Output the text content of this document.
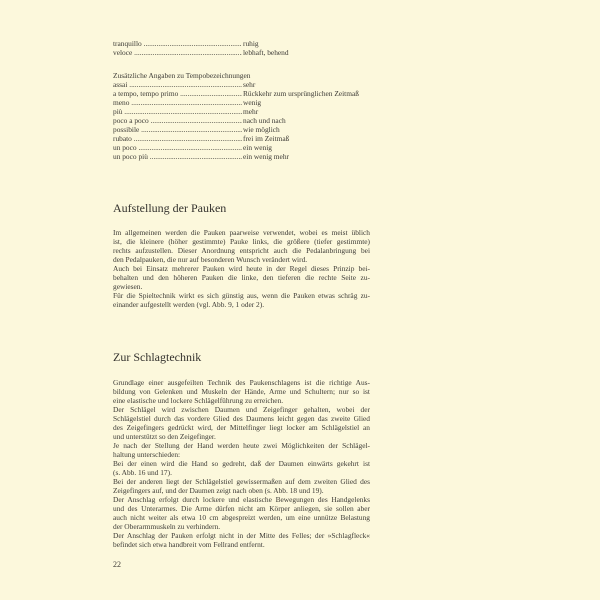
tranquillo .....	ruhig
veloce .....	lebhaft, behend
Zusätzliche Angaben zu Tempobezeichnungen
assai .....	sehr
a tempo, tempo primo .....	Rückkehr zum ursprünglichen Zeitmaß
meno .....	wenig
più .....	mehr
poco a poco .....	nach und nach
possibile .....	wie möglich
rubato .....	frei im Zeitmaß
un poco .....	ein wenig
un poco più .....	ein wenig mehr
Aufstellung der Pauken
Im allgemeinen werden die Pauken paarweise verwendet, wobei es meist üblich
ist, die kleinere (höher gestimmte) Pauke links, die größere (tiefer gestimmte)
rechts aufzustellen. Dieser Anordnung entspricht auch die Pedalanbringung bei
den Pedalpauken, die nur auf besonderen Wunsch verändert wird.
Auch bei Einsatz mehrerer Pauken wird heute in der Regel dieses Prinzip bei-
behalten und den höheren Pauken die linke, den tieferen die rechte Seite zu-
gewiesen.
Für die Spieltechnik wirkt es sich günstig aus, wenn die Pauken etwas schräg zu-
einander aufgestellt werden (vgl. Abb. 9, 1 oder 2).
Zur Schlagtechnik
Grundlage einer ausgefeilten Technik des Paukenschlagens ist die richtige Aus-
bildung von Gelenken und Muskeln der Hände, Arme und Schultern; nur so ist
eine elastische und lockere Schlägelführung zu erreichen.
Der Schlägel wird zwischen Daumen und Zeigefinger gehalten, wobei der
Schlägelstiel durch das vordere Glied des Daumens leicht gegen das zweite Glied
des Zeigefingers gedrückt wird, der Mittelfinger liegt locker am Schlägelstiel an
und unterstützt so den Zeigefinger.
Je nach der Stellung der Hand werden heute zwei Möglichkeiten der Schlägel-
haltung unterschieden:
Bei der einen wird die Hand so gedreht, daß der Daumen einwärts gekehrt ist
(s. Abb. 16 und 17).
Bei der anderen liegt der Schlägelstiel gewissermaßen auf dem zweiten Glied des
Zeigefingers auf, und der Daumen zeigt nach oben (s. Abb. 18 und 19).
Der Anschlag erfolgt durch lockere und elastische Bewegungen des Handgelenks
und des Unterarmes. Die Arme dürfen nicht am Körper anliegen, sie sollen aber
auch nicht weiter als etwa 10 cm abgespreizt werden, um eine unnütze Belastung
der Oberarmmuskeln zu verhindern.
Der Anschlag der Pauken erfolgt nicht in der Mitte des Felles; der »Schlagfleck«
befindet sich etwa handbreit vom Fellrand entfernt.
22
